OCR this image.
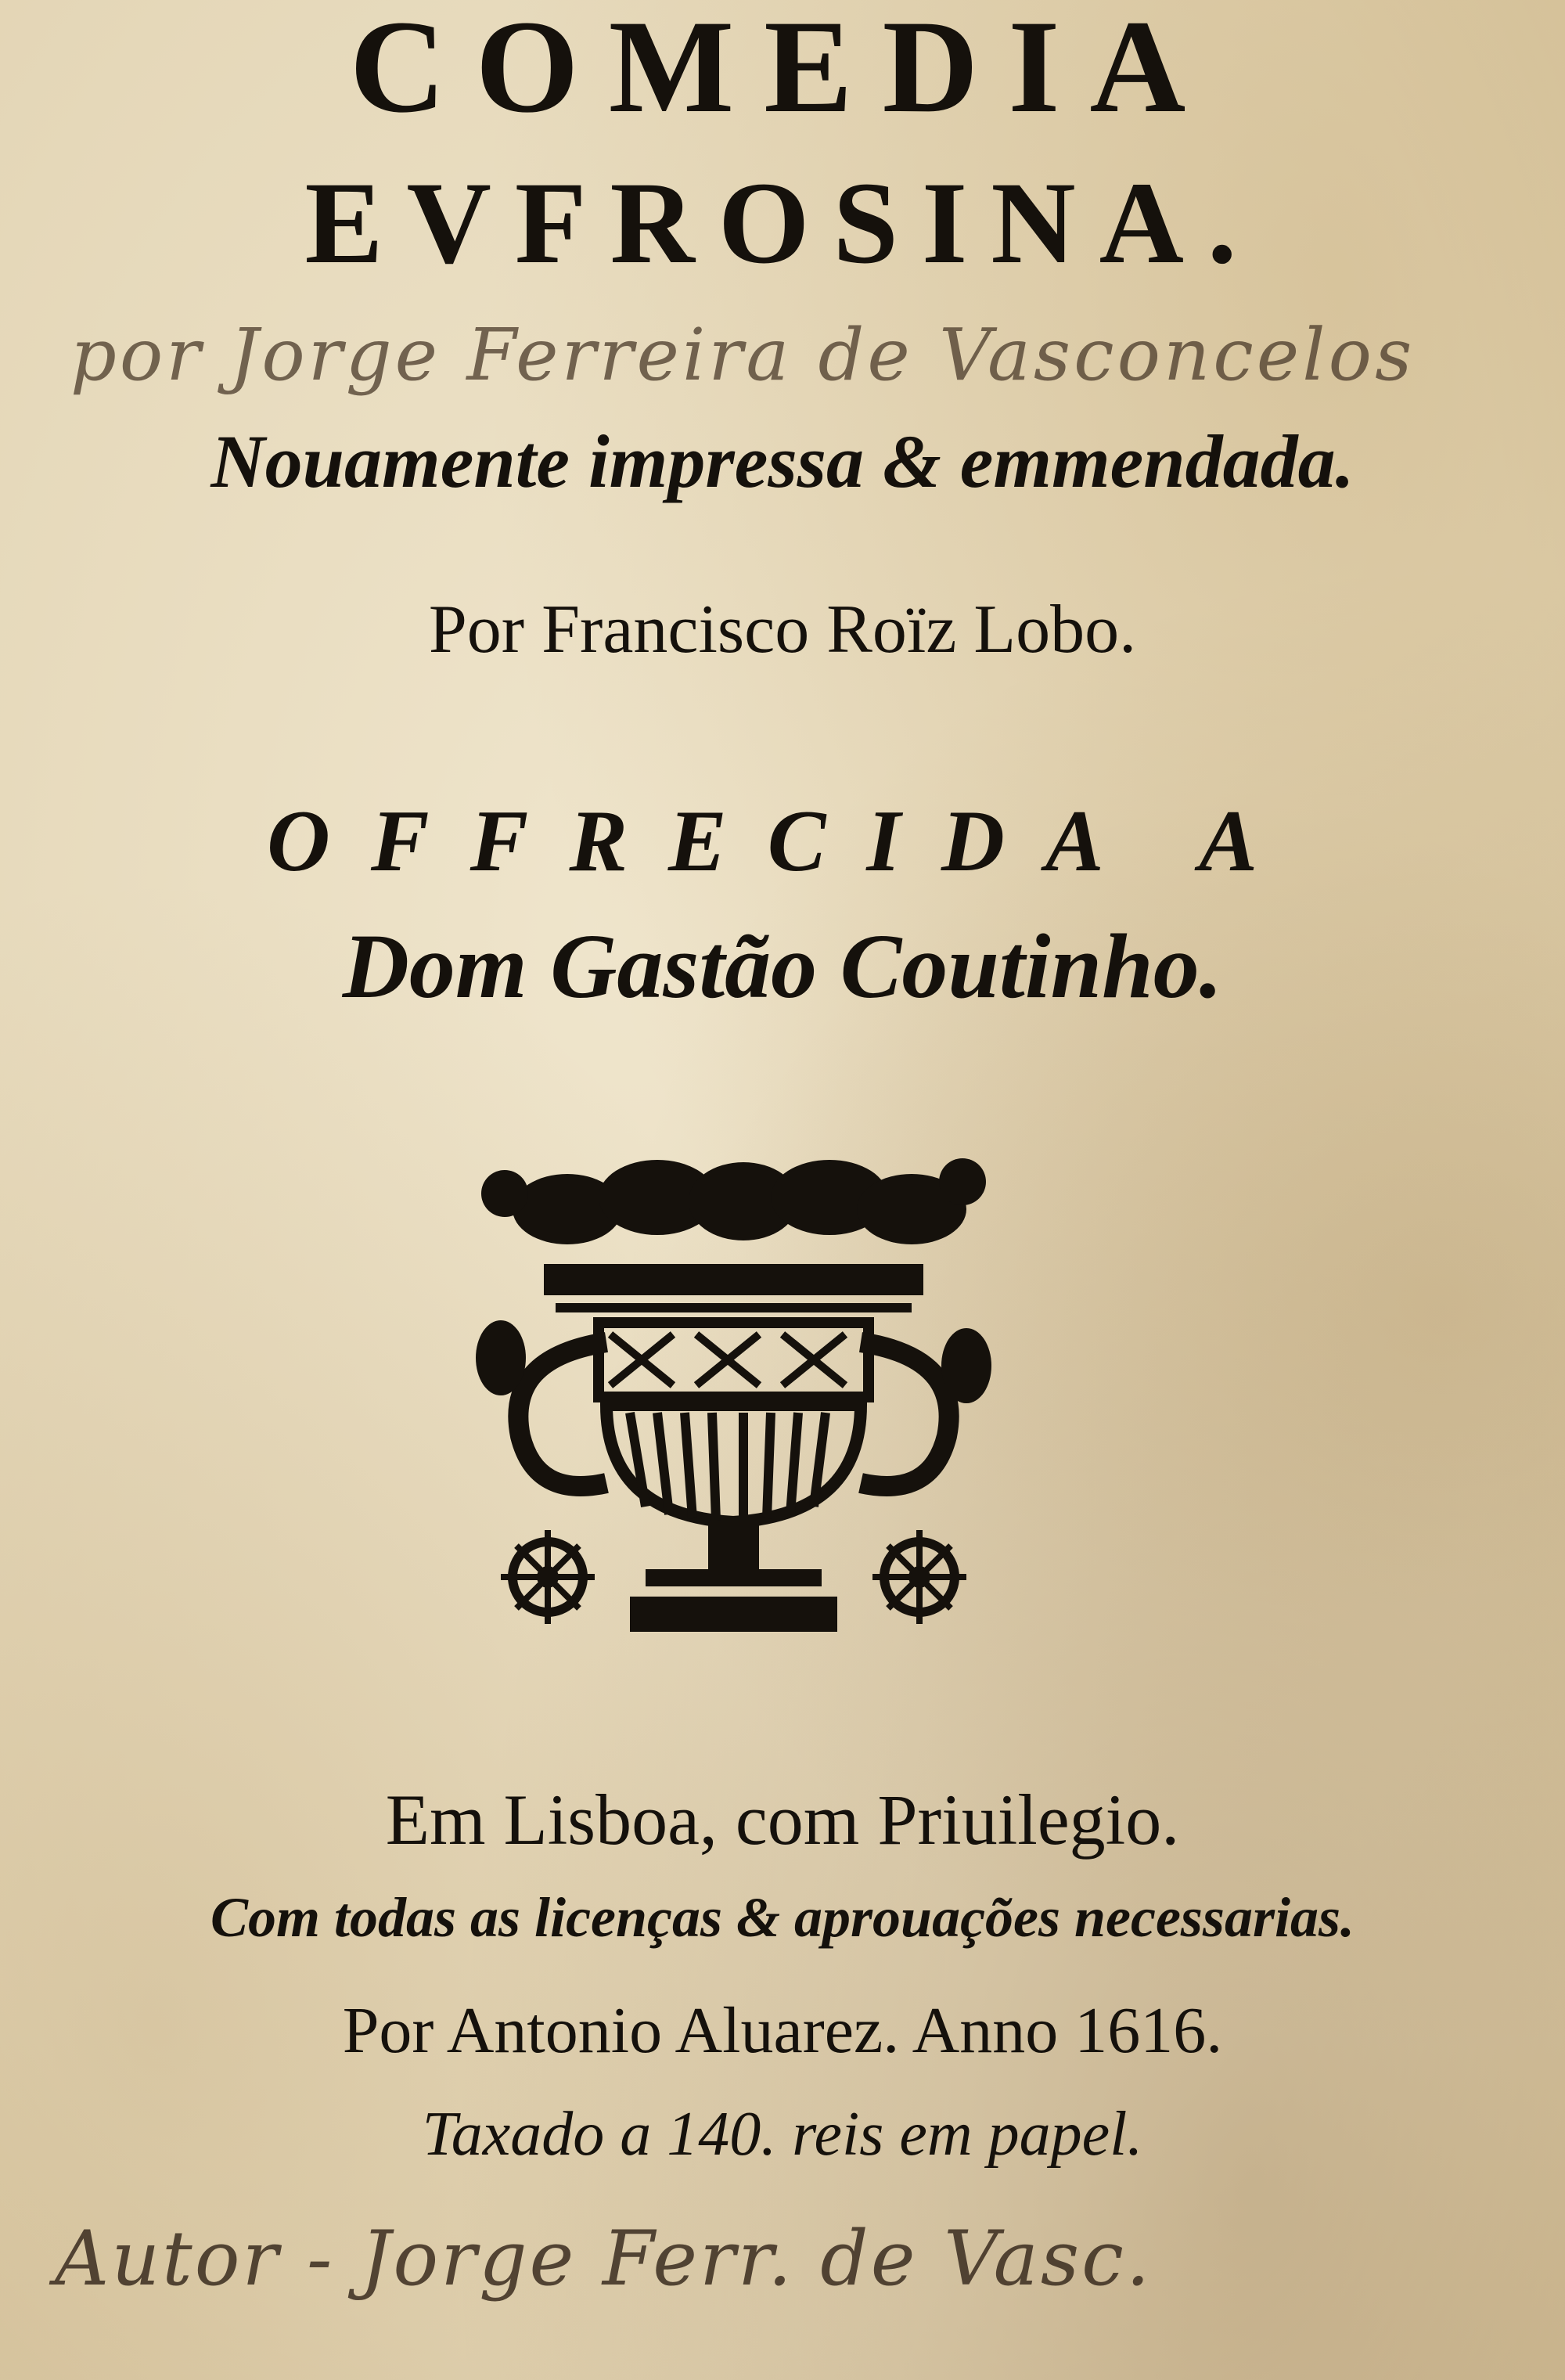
COMEDIA
EVFROSINA.
por Jorge Ferreira de Vasconcelos
Nouamente impressa & emmendada.
Por Francisco Roïz Lobo.
OFFRECIDA A
Dom Gastão Coutinho.
Em Lisboa, com Priuilegio.
Com todas as licenças & aprouações necessarias.
Por Antonio Aluarez. Anno 1616.
Taxado a 140. reis em papel.
Autor - Jorge Ferr. de Vasc.
